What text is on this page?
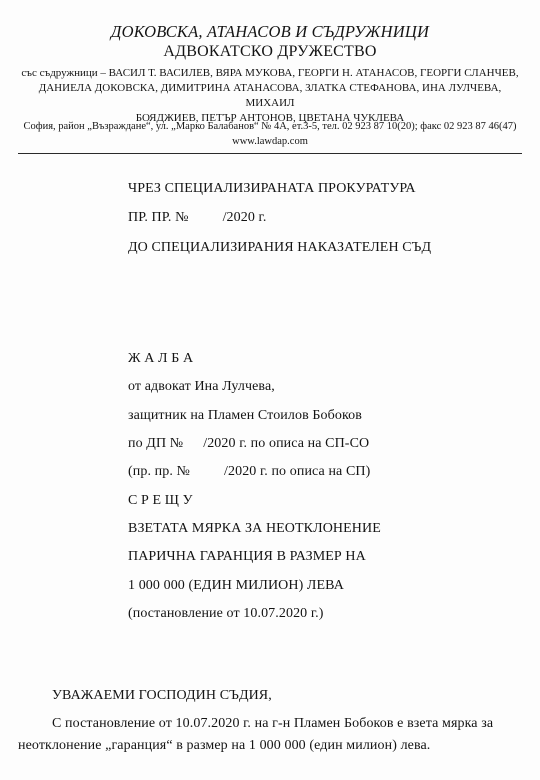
ДОКОВСКА, АТАНАСОВ И СЪДРУЖНИЦИ
АДВОКАТСКО ДРУЖЕСТВО
със съдружници – ВАСИЛ Т. ВАСИЛЕВ, ВЯРА МУКОВА, ГЕОРГИ Н. АТАНАСОВ, ГЕОРГИ СЛАНЧЕВ,
ДАНИЕЛА ДОКОВСКА, ДИМИТРИНА АТАНАСОВА, ЗЛАТКА СТЕФАНОВА, ИНА ЛУЛЧЕВА, МИХАИЛ
БОЯДЖИЕВ, ПЕТЪР АНТОНОВ, ЦВЕТАНА ЧУКЛЕВА
София, район „Възраждане“, ул. „Марко Балабанов“ № 4А, ет.3-5, тел. 02 923 87 10(20); факс 02 923 87 46(47)
www.lawdap.com
ЧРЕЗ СПЕЦИАЛИЗИРАНАТА ПРОКУРАТУРА
ПР. ПР. № /2020 г.
ДО СПЕЦИАЛИЗИРАНИЯ НАКАЗАТЕЛЕН СЪД
Ж А Л Б А
от адвокат Ина Лулчева,
защитник на Пламен Стоилов Бобоков
по ДП № /2020 г. по описа на СП-СО
(пр. пр. № /2020 г. по описа на СП)
С Р Е Щ У
ВЗЕТАТА МЯРКА ЗА НЕОТКЛОНЕНИЕ
ПАРИЧНА ГАРАНЦИЯ В РАЗМЕР НА
1 000 000 (ЕДИН МИЛИОН) ЛЕВА
(постановление от 10.07.2020 г.)
УВАЖАЕМИ ГОСПОДИН СЪДИЯ,
С постановление от 10.07.2020 г. на г-н Пламен Бобоков е взета мярка за
неотклонение „гаранция“ в размер на 1 000 000 (един милион) лева.
